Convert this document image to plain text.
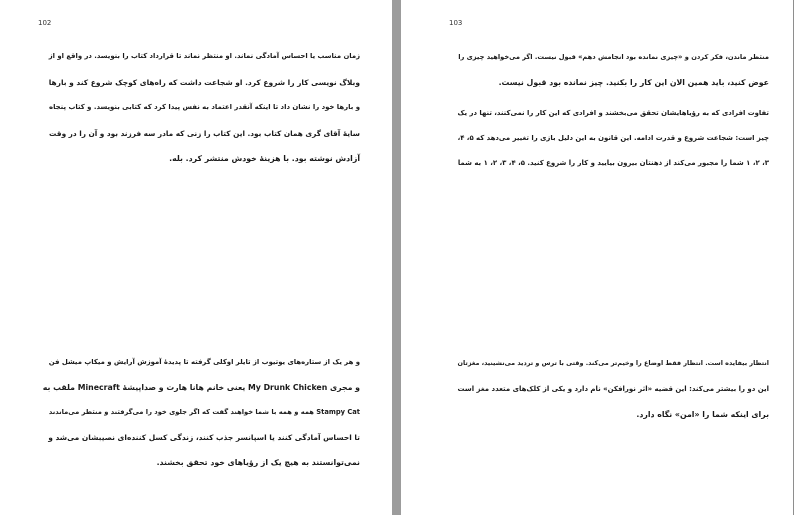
102
زمان مناسب یا احساس آمادگی نماند. او منتظر نماند تا قرارداد کتاب را بنویسد. در واقع او از
وبلاگ نویسی کار را شروع کرد. او شجاعت داشت که راه‌های کوچک شروع کند و بارها
و بارها خود را نشان داد تا اینکه آنقدر اعتماد به نفس پیدا کرد که کتابی بنویسد. و کتاب پنجاه
سایهٔ آقای گری همان کتاب بود. این کتاب را زنی که مادر سه فرزند بود و آن را در وقت
آزادش نوشته بود. با هزینهٔ خودش منتشر کرد. بله.
و هر یک از ستاره‌های یوتیوب از تایلر اوکلی گرفته تا پدیدهٔ آموزش آرایش و میکاپ میشل فن
و مجری My Drunk Chicken یعنی خانم هانا هارت و صداپیشهٔ Minecraft ملقب به
Stampy Cat همه و همه با شما خواهند گفت که اگر جلوی خود را می‌گرفتند و منتظر می‌ماندند
تا احساس آمادگی کنند یا اسپانسر جذب کنند، زندگی کسل کننده‌ای نصیبشان می‌شد و
نمی‌توانستند به هیچ یک از رؤیاهای خود تحقق بخشند.
103
منتظر ماندن، فکر کردن و «چیزی نمانده بود انجامش دهم» قبول نیست. اگر می‌خواهید چیزی را
عوض کنید، باید همین الان این کار را بکنید. چیز نمانده بود قبول نیست.
تفاوت افرادی که به رؤیاهایشان تحقق می‌بخشند و افرادی که این کار را نمی‌کنند، تنها در یک
چیز است: شجاعت شروع و قدرت ادامه. این قانون به این دلیل بازی را تغییر می‌دهد که ۵، ۴،
۳، ۲، ۱ شما را مجبور می‌کند از ذهنتان بیرون بیایید و کار را شروع کنید. ۵، ۴، ۳، ۲، ۱ به شما
انتظار بیفایده است. انتظار فقط اوضاع را وخیم‌تر می‌کند. وقتی با ترس و تردید می‌نشینید، مغزتان
این دو را بیشتر می‌کند: این قضیه «اثر نورافکن» نام دارد و یکی از کلک‌های متعدد مغز است
برای اینکه شما را «امن» نگاه دارد.
